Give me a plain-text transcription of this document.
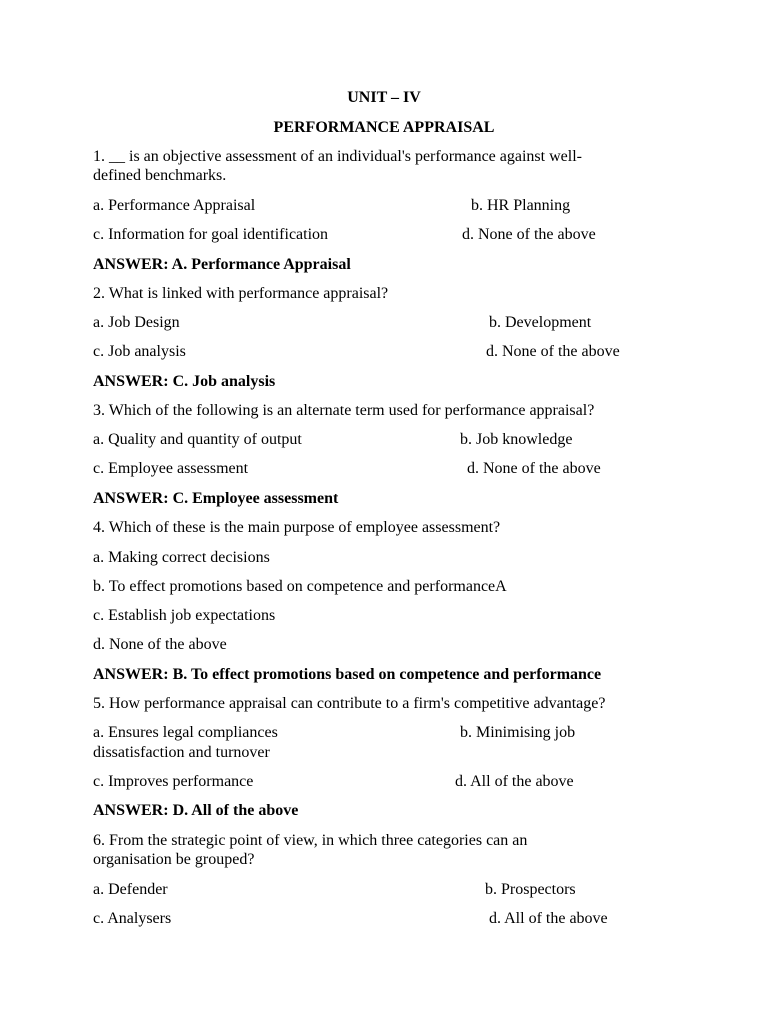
UNIT – IV
PERFORMANCE APPRAISAL
1. __ is an objective assessment of an individual's performance against well-
defined benchmarks.
a. Performance Appraisal	b. HR Planning
c. Information for goal identification	d. None of the above
ANSWER: A. Performance Appraisal
2. What is linked with performance appraisal?
a. Job Design	b. Development
c. Job analysis	d. None of the above
ANSWER: C. Job analysis
3. Which of the following is an alternate term used for performance appraisal?
a. Quality and quantity of output	b. Job knowledge
c. Employee assessment	d. None of the above
ANSWER: C. Employee assessment
4. Which of these is the main purpose of employee assessment?
a. Making correct decisions
b. To effect promotions based on competence and performanceA
c. Establish job expectations
d. None of the above
ANSWER: B. To effect promotions based on competence and performance
5. How performance appraisal can contribute to a firm's competitive advantage?
a. Ensures legal compliances	b. Minimising job
dissatisfaction and turnover
c. Improves performance	d. All of the above
ANSWER: D. All of the above
6. From the strategic point of view, in which three categories can an
organisation be grouped?
a. Defender	b. Prospectors
c. Analysers	d. All of the above
